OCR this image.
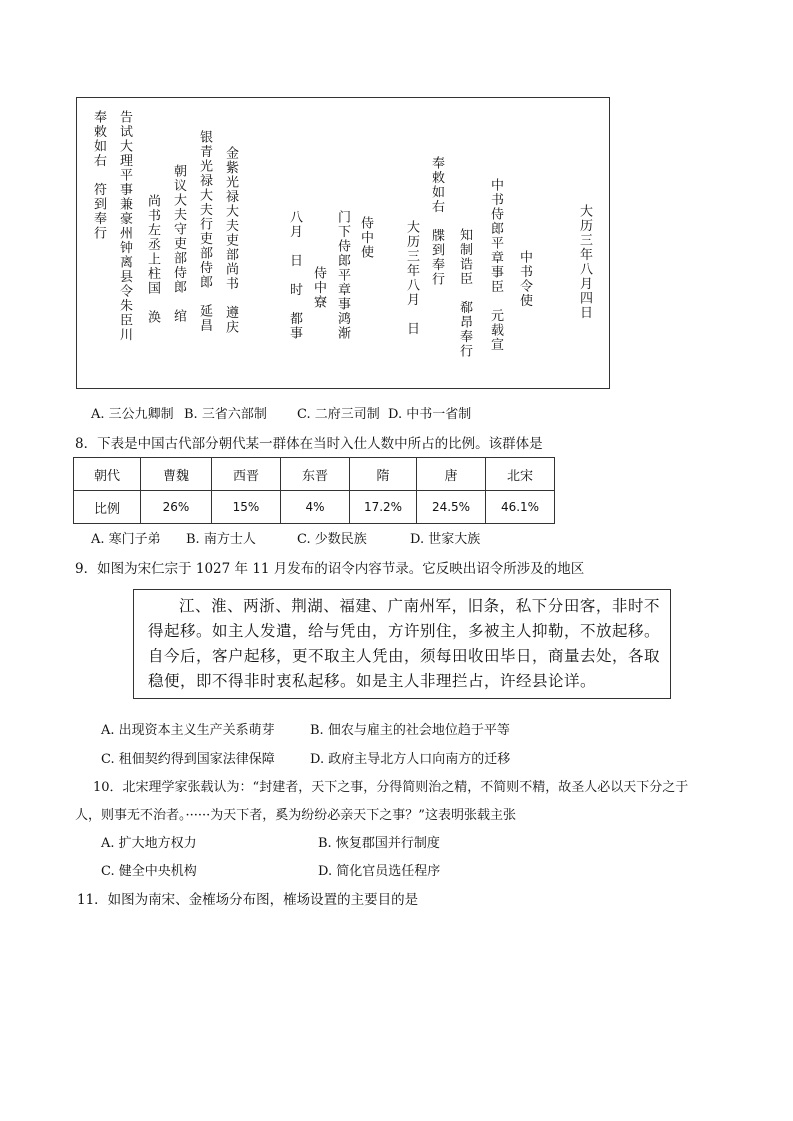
大历三年八月四日
中书令使
中书侍郎平章事臣　元载宣
知制诰臣　郗昂奉行
奉敕如右　牒到奉行
大历三年八月　日
侍中使
门下侍郎平章事鸿渐
侍中寮
八月　日　时　都事
金紫光禄大夫吏部尚书　遵庆
银青光禄大夫行吏部侍郎　延昌
朝议大夫守吏部侍郎　绾
尚书左丞上柱国　涣
告试大理平事兼豪州钟离县令朱臣川
奉敕如右　符到奉行
A. 三公九卿制 B. 三省六部制 C. 二府三司制 D. 中书一省制
8．下表是中国古代部分朝代某一群体在当时入仕人数中所占的比例。该群体是
朝代	曹魏	西晋	东晋	隋	唐	北宋
比例	26%	15%	4%	17.2%	24.5%	46.1%
A. 寒门子弟 B. 南方士人	C. 少数民族	D. 世家大族
9．如图为宋仁宗于 1027 年 11 月发布的诏令内容节录。它反映出诏令所涉及的地区
江、淮、两浙、荆湖、福建、广南州军，旧条，私下分田客，非时不得起移。如主人发遣，给与凭由，方许别住，多被主人抑勒，不放起移。自今后，客户起移，更不取主人凭由，须每田收田毕日，商量去处，各取稳便，即不得非时衷私起移。如是主人非理拦占，许经县论详。
A. 出现资本主义生产关系萌芽	B. 佃农与雇主的社会地位趋于平等
C. 租佃契约得到国家法律保障	D. 政府主导北方人口向南方的迁移
10．北宋理学家张载认为：“封建者，天下之事，分得简则治之精，不简则不精，故圣人必以天下分之于
人，则事无不治者。······为天下者，奚为纷纷必亲天下之事？”这表明张载主张
A. 扩大地方权力	B. 恢复郡国并行制度
C. 健全中央机构	D. 简化官员选任程序
11．如图为南宋、金榷场分布图，榷场设置的主要目的是
